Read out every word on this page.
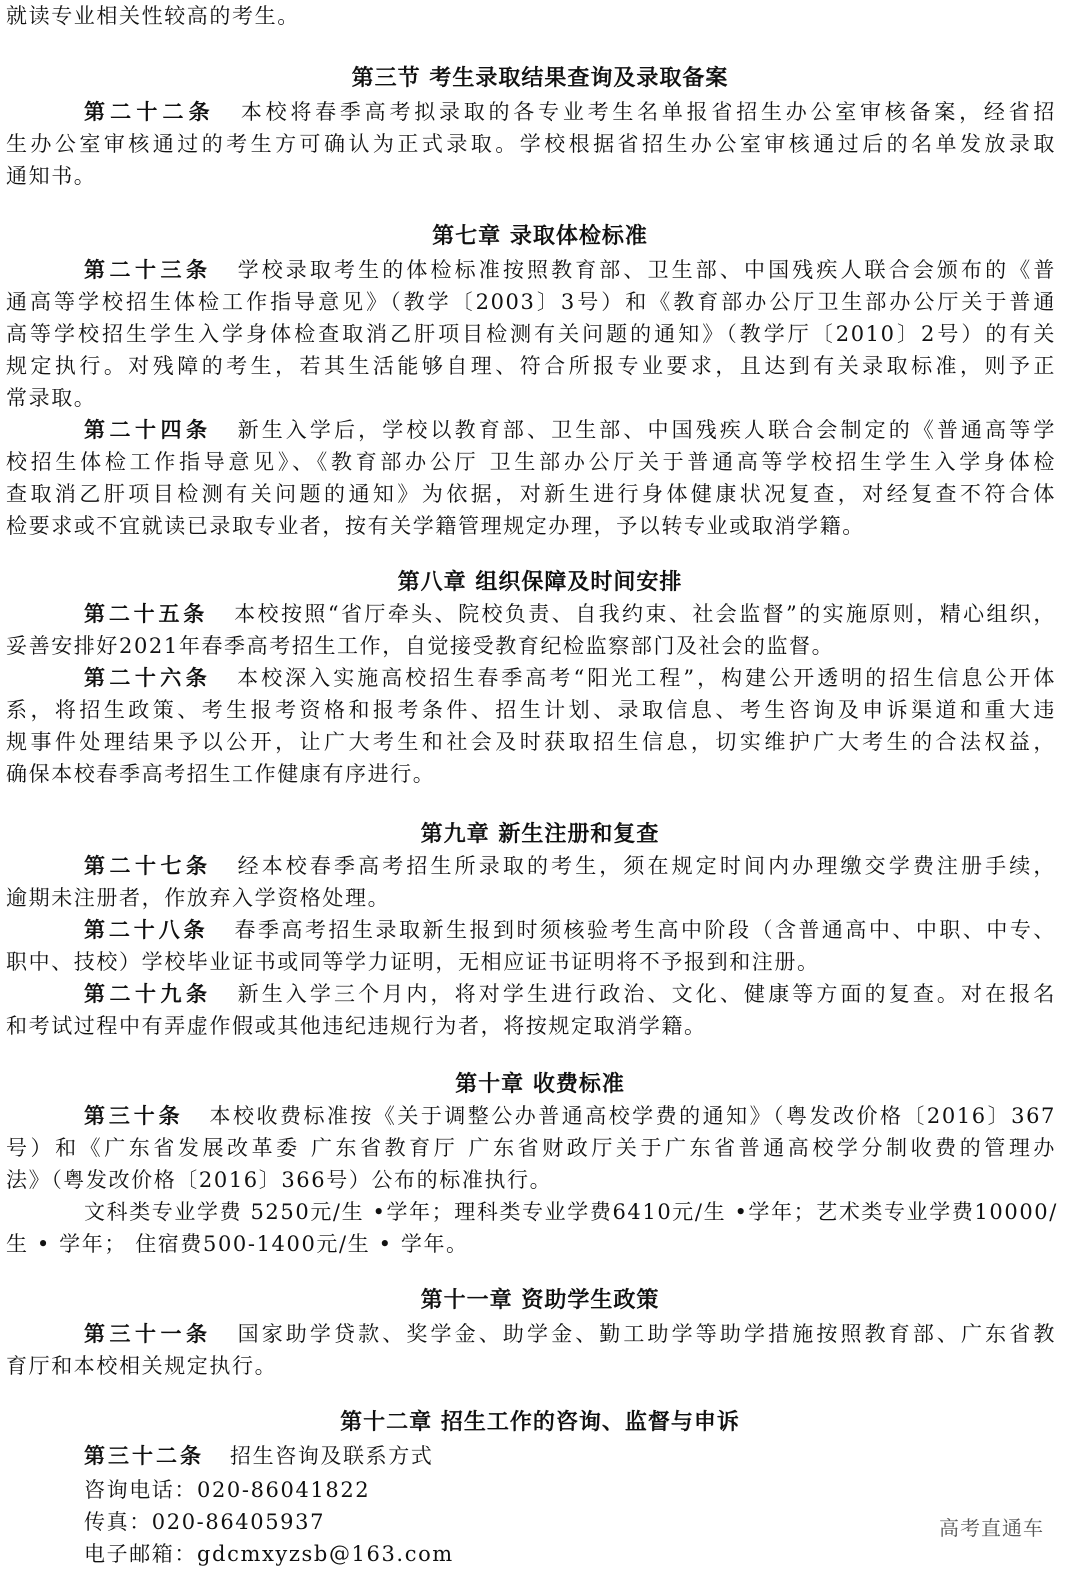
就读专业相关性较高的考生。
第三节 考生录取结果查询及录取备案
第二十二条 本校将春季高考拟录取的各专业考生名单报省招生办公室审核备案，经省招
生办公室审核通过的考生方可确认为正式录取。学校根据省招生办公室审核通过后的名单发放录取
通知书。
第七章 录取体检标准
第二十三条 学校录取考生的体检标准按照教育部、卫生部、中国残疾人联合会颁布的《普
通高等学校招生体检工作指导意见》（教学〔2003〕3号）和《教育部办公厅卫生部办公厅关于普通
高等学校招生学生入学身体检查取消乙肝项目检测有关问题的通知》（教学厅〔2010〕2号）的有关
规定执行。对残障的考生，若其生活能够自理、符合所报专业要求，且达到有关录取标准，则予正
常录取。
第二十四条 新生入学后，学校以教育部、卫生部、中国残疾人联合会制定的《普通高等学
校招生体检工作指导意见》、《教育部办公厅 卫生部办公厅关于普通高等学校招生学生入学身体检
查取消乙肝项目检测有关问题的通知》为依据，对新生进行身体健康状况复查，对经复查不符合体
检要求或不宜就读已录取专业者，按有关学籍管理规定办理，予以转专业或取消学籍。
第八章 组织保障及时间安排
第二十五条 本校按照“省厅牵头、院校负责、自我约束、社会监督”的实施原则，精心组织，
妥善安排好2021年春季高考招生工作，自觉接受教育纪检监察部门及社会的监督。
第二十六条 本校深入实施高校招生春季高考“阳光工程”，构建公开透明的招生信息公开体
系，将招生政策、考生报考资格和报考条件、招生计划、录取信息、考生咨询及申诉渠道和重大违
规事件处理结果予以公开，让广大考生和社会及时获取招生信息，切实维护广大考生的合法权益，
确保本校春季高考招生工作健康有序进行。
第九章 新生注册和复查
第二十七条 经本校春季高考招生所录取的考生，须在规定时间内办理缴交学费注册手续，
逾期未注册者，作放弃入学资格处理。
第二十八条 春季高考招生录取新生报到时须核验考生高中阶段（含普通高中、中职、中专、
职中、技校）学校毕业证书或同等学力证明，无相应证书证明将不予报到和注册。
第二十九条 新生入学三个月内，将对学生进行政治、文化、健康等方面的复查。对在报名
和考试过程中有弄虚作假或其他违纪违规行为者，将按规定取消学籍。
第十章 收费标准
第三十条 本校收费标准按《关于调整公办普通高校学费的通知》（粤发改价格〔2016〕367
号）和《广东省发展改革委 广东省教育厅 广东省财政厅关于广东省普通高校学分制收费的管理办
法》（粤发改价格〔2016〕366号）公布的标准执行。
文科类专业学费 5250元/生 •学年；理科类专业学费6410元/生 •学年；艺术类专业学费10000/
生 • 学年； 住宿费500-1400元/生 • 学年。
第十一章 资助学生政策
第三十一条 国家助学贷款、奖学金、助学金、勤工助学等助学措施按照教育部、广东省教
育厅和本校相关规定执行。
第十二章 招生工作的咨询、监督与申诉
第三十二条 招生咨询及联系方式
咨询电话：020-86041822
传真：020-86405937
电子邮箱：gdcmxyzsb@163.com
高考直通车
